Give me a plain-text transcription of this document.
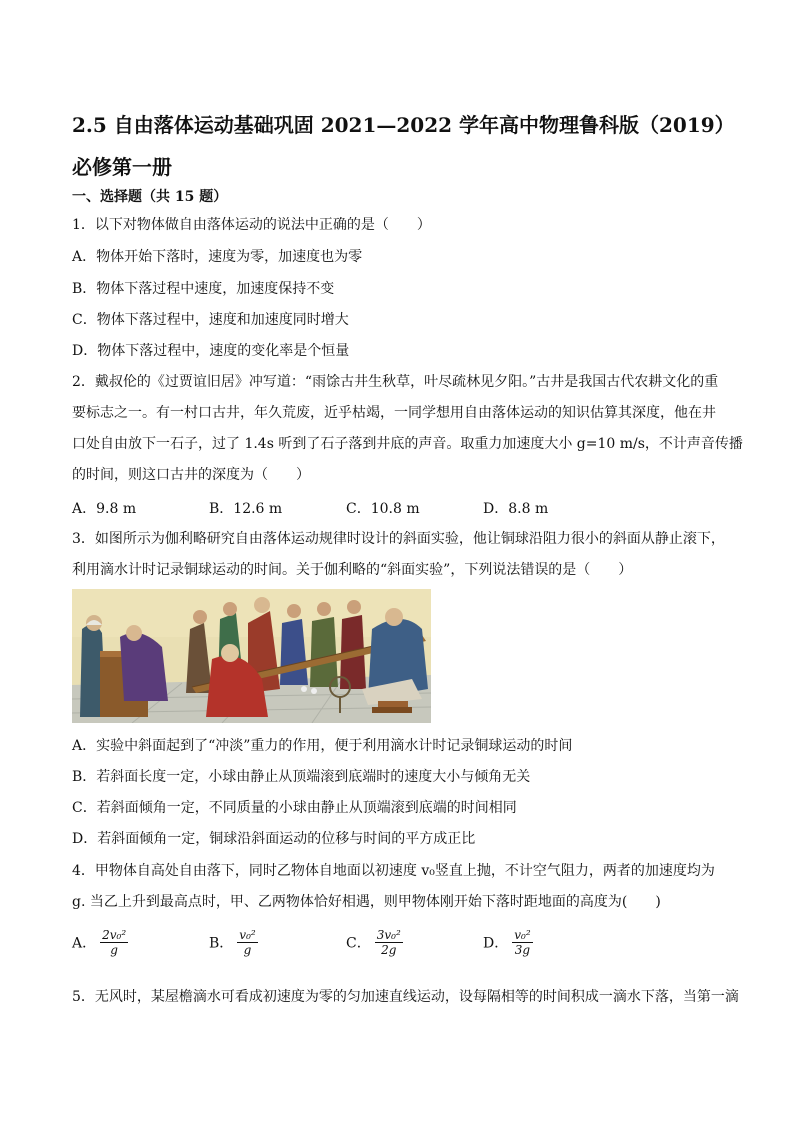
2.5 自由落体运动基础巩固 2021—2022 学年高中物理鲁科版（2019）必修第一册
一、选择题（共 15 题）
1．以下对物体做自由落体运动的说法中正确的是（　　）
A．物体开始下落时，速度为零，加速度也为零
B．物体下落过程中速度，加速度保持不变
C．物体下落过程中，速度和加速度同时增大
D．物体下落过程中，速度的变化率是个恒量
2．戴叔伦的《过贾谊旧居》冲写道：“雨馀古井生秋草，叶尽疏林见夕阳。”古井是我国古代农耕文化的重
要标志之一。有一村口古井，年久荒废，近乎枯竭，一同学想用自由落体运动的知识估算其深度，他在井
口处自由放下一石子，过了 1.4s 听到了石子落到井底的声音。取重力加速度大小 g=10 m/s，不计声音传播
的时间，则这口古井的深度为（　　）
A．9.8 m	B．12.6 m	C．10.8 m	D．8.8 m
3．如图所示为伽利略研究自由落体运动规律时设计的斜面实验，他让铜球沿阻力很小的斜面从静止滚下，
利用滴水计时记录铜球运动的时间。关于伽利略的“斜面实验”，下列说法错误的是（　　）
A．实验中斜面起到了“冲淡”重力的作用，便于利用滴水计时记录铜球运动的时间
B．若斜面长度一定，小球由静止从顶端滚到底端时的速度大小与倾角无关
C．若斜面倾角一定，不同质量的小球由静止从顶端滚到底端的时间相同
D．若斜面倾角一定，铜球沿斜面运动的位移与时间的平方成正比
4．甲物体自高处自由落下，同时乙物体自地面以初速度 v₀竖直上抛，不计空气阻力，两者的加速度均为
g. 当乙上升到最高点时，甲、乙两物体恰好相遇，则甲物体刚开始下落时距地面的高度为(　　)
A． $\frac{\text{2v₀²}}{g}$	B． $\frac{\text{v₀²}}{g}$	C． $\frac{\text{3v₀²}}{2g}$	D． $\frac{\text{v₀²}}{3g}$
5．无风时，某屋檐滴水可看成初速度为零的匀加速直线运动，设每隔相等的时间积成一滴水下落，当第一滴
